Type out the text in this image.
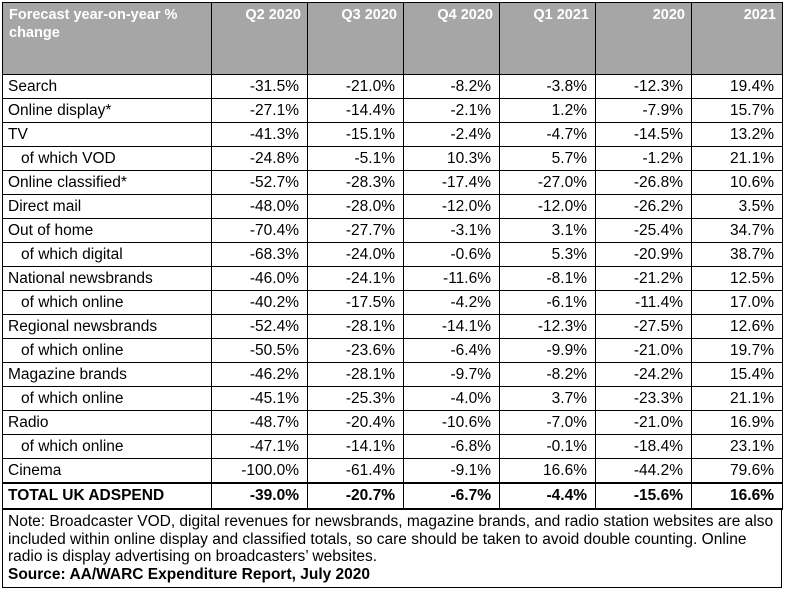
Forecast year-on-year % change	Q2 2020	Q3 2020	Q4 2020	Q1 2021	2020	2021
Search	-31.5%	-21.0%	-8.2%	-3.8%	-12.3%	19.4%
Online display*	-27.1%	-14.4%	-2.1%	1.2%	-7.9%	15.7%
TV	-41.3%	-15.1%	-2.4%	-4.7%	-14.5%	13.2%
of which VOD	-24.8%	-5.1%	10.3%	5.7%	-1.2%	21.1%
Online classified*	-52.7%	-28.3%	-17.4%	-27.0%	-26.8%	10.6%
Direct mail	-48.0%	-28.0%	-12.0%	-12.0%	-26.2%	3.5%
Out of home	-70.4%	-27.7%	-3.1%	3.1%	-25.4%	34.7%
of which digital	-68.3%	-24.0%	-0.6%	5.3%	-20.9%	38.7%
National newsbrands	-46.0%	-24.1%	-11.6%	-8.1%	-21.2%	12.5%
of which online	-40.2%	-17.5%	-4.2%	-6.1%	-11.4%	17.0%
Regional newsbrands	-52.4%	-28.1%	-14.1%	-12.3%	-27.5%	12.6%
of which online	-50.5%	-23.6%	-6.4%	-9.9%	-21.0%	19.7%
Magazine brands	-46.2%	-28.1%	-9.7%	-8.2%	-24.2%	15.4%
of which online	-45.1%	-25.3%	-4.0%	3.7%	-23.3%	21.1%
Radio	-48.7%	-20.4%	-10.6%	-7.0%	-21.0%	16.9%
of which online	-47.1%	-14.1%	-6.8%	-0.1%	-18.4%	23.1%
Cinema	-100.0%	-61.4%	-9.1%	16.6%	-44.2%	79.6%
TOTAL UK ADSPEND	-39.0%	-20.7%	-6.7%	-4.4%	-15.6%	16.6%
Note: Broadcaster VOD, digital revenues for newsbrands, magazine brands, and radio station websites are also included within online display and classified totals, so care should be taken to avoid double counting. Online radio is display advertising on broadcasters’ websites.
Source: AA/WARC Expenditure Report, July 2020
